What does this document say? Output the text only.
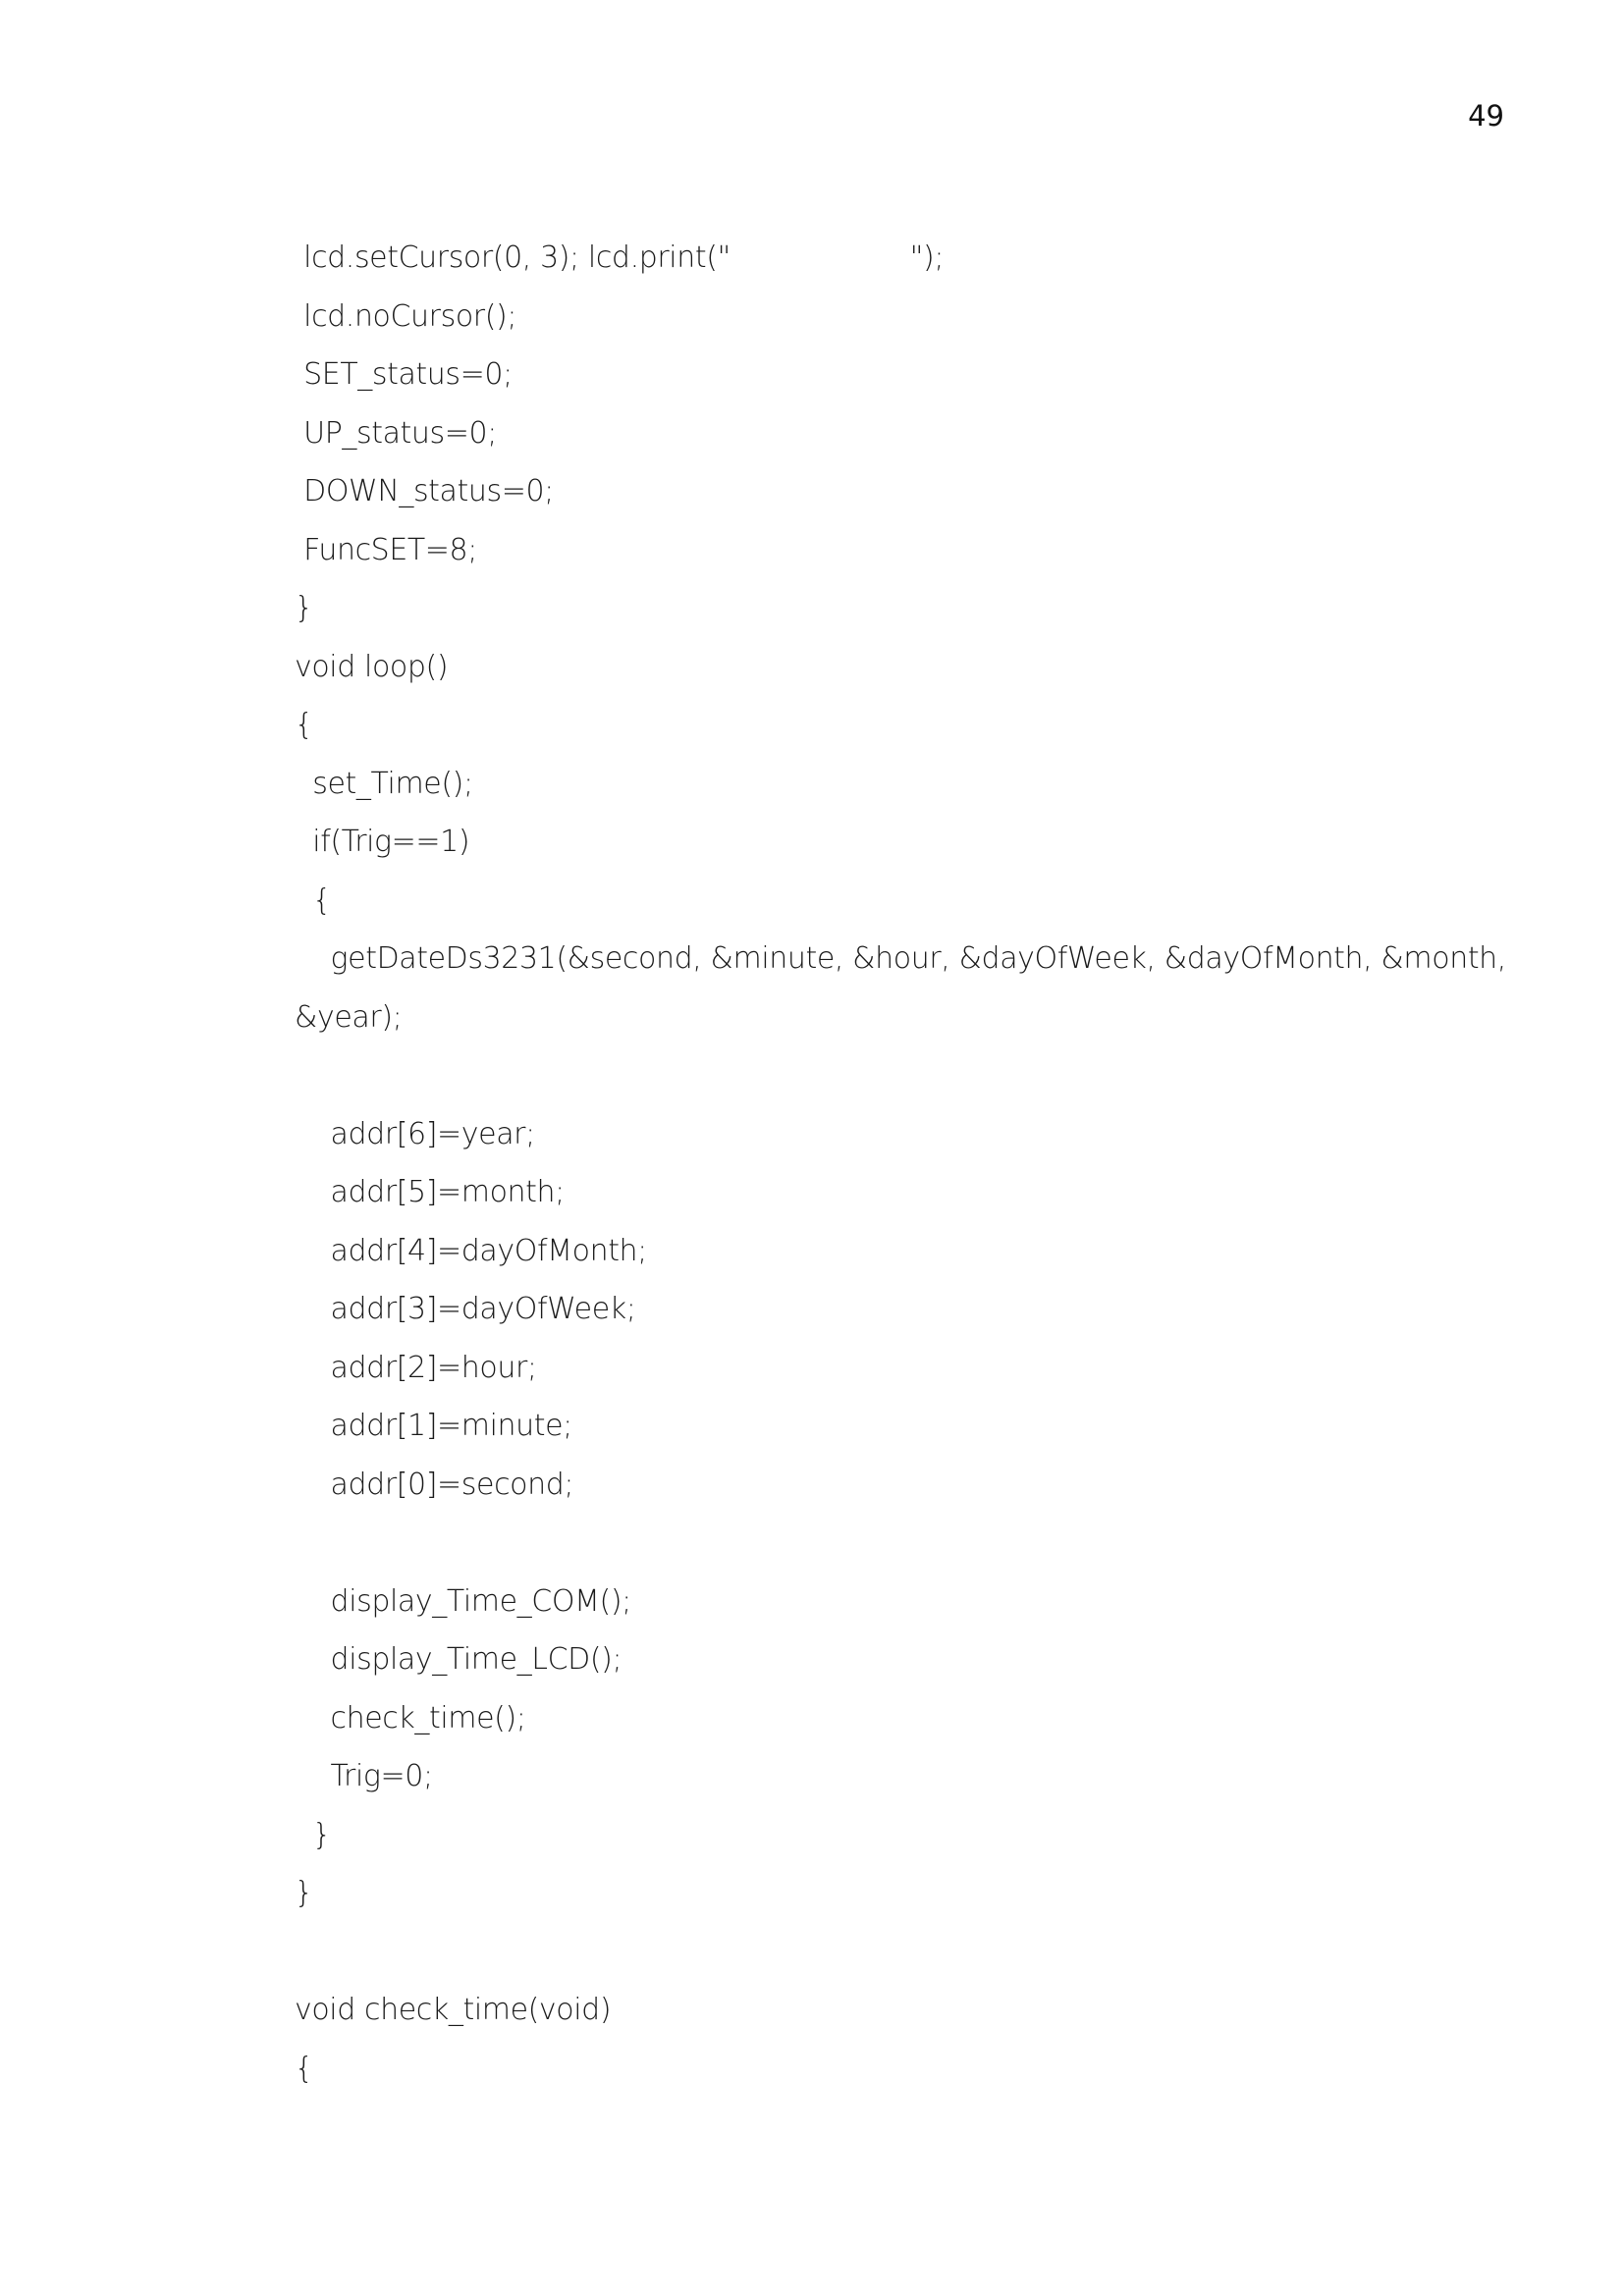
49
lcd.setCursor(0, 3); lcd.print("                    ");
lcd.noCursor();
SET_status=0;
UP_status=0;
DOWN_status=0;
FuncSET=8;
}
void loop()
{
set_Time();
if(Trig==1)
{
getDateDs3231(&second, &minute, &hour, &dayOfWeek, &dayOfMonth, &month,
&year);
addr[6]=year;
addr[5]=month;
addr[4]=dayOfMonth;
addr[3]=dayOfWeek;
addr[2]=hour;
addr[1]=minute;
addr[0]=second;
display_Time_COM();
display_Time_LCD();
check_time();
Trig=0;
}
}
void check_time(void)
{
